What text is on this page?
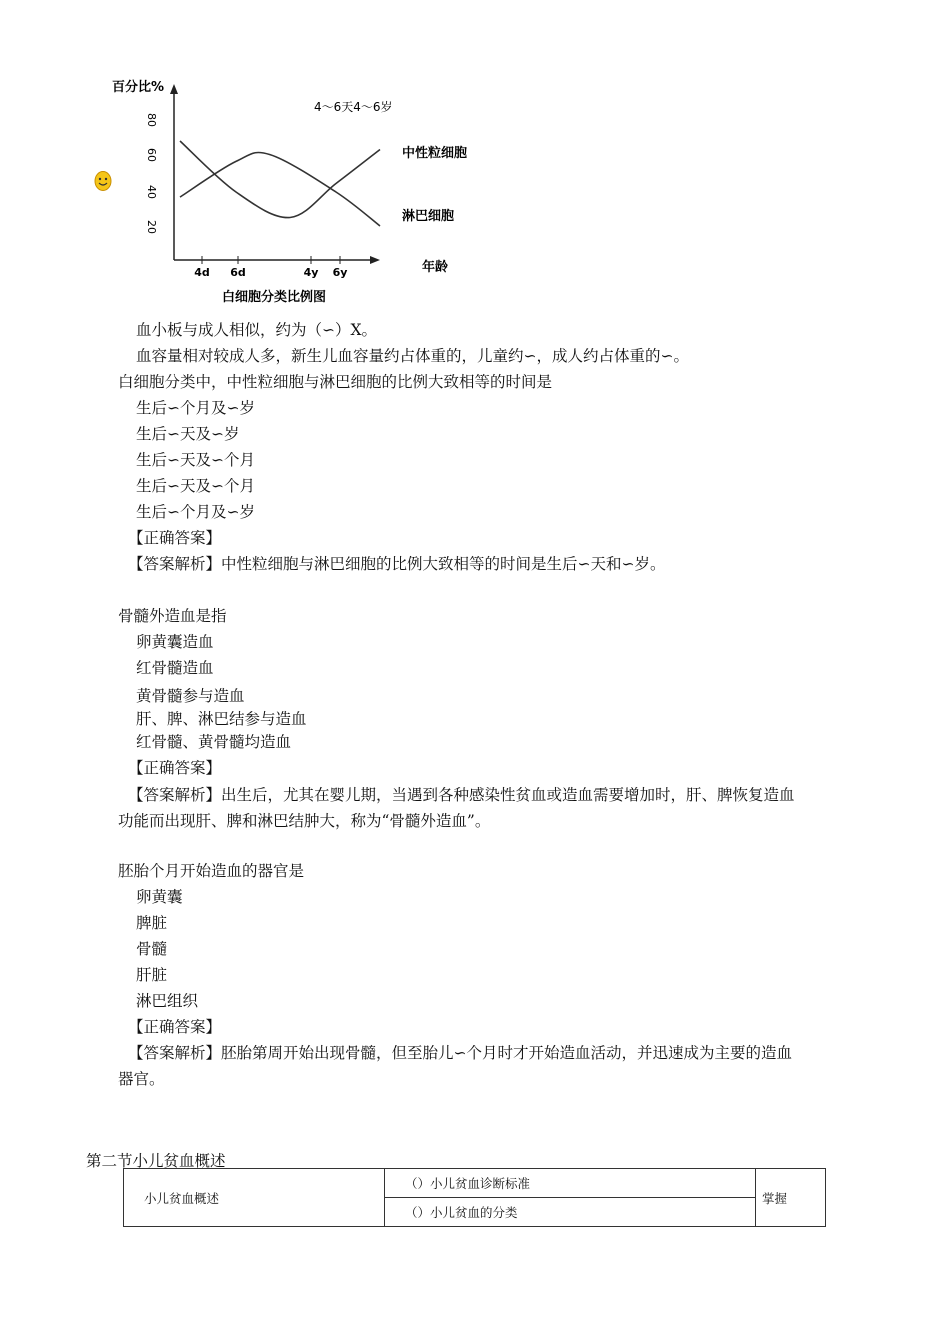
百分比%
年龄
白细胞分类比例图
4～6天4～6岁
80
60
40
20
4d 6d	4y 6y
中性粒细胞
淋巴细胞
血小板与成人相似，约为（∽）X。
血容量相对较成人多，新生儿血容量约占体重的，儿童约∽，成人约占体重的∽。
白细胞分类中，中性粒细胞与淋巴细胞的比例大致相等的时间是
生后∽个月及∽岁
生后∽天及∽岁
生后∽天及∽个月
生后∽天及∽个月
生后∽个月及∽岁
【正确答案】
【答案解析】中性粒细胞与淋巴细胞的比例大致相等的时间是生后∽天和∽岁。
骨髓外造血是指
卵黄囊造血
红骨髓造血
黄骨髓参与造血
肝、脾、淋巴结参与造血
红骨髓、黄骨髓均造血
【正确答案】
【答案解析】出生后，尤其在婴儿期，当遇到各种感染性贫血或造血需要增加时，肝、脾恢复造血
功能而出现肝、脾和淋巴结肿大，称为“骨髓外造血”。
胚胎个月开始造血的器官是
卵黄囊
脾脏
骨髓
肝脏
淋巴组织
【正确答案】
【答案解析】胚胎第周开始出现骨髓，但至胎儿∽个月时才开始造血活动，并迅速成为主要的造血
器官。
第二节小儿贫血概述
小儿贫血概述	（）小儿贫血诊断标准	掌握
（）小儿贫血的分类
